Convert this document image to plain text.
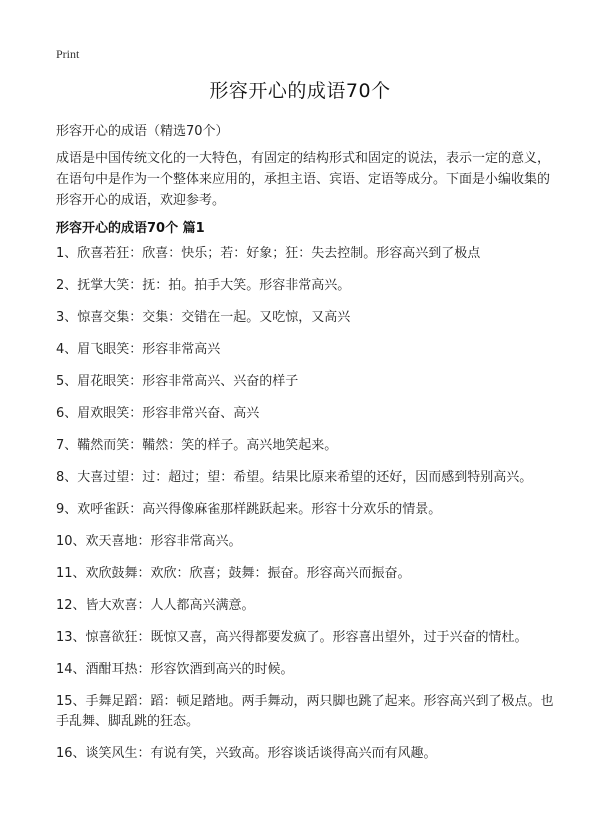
Print
形容开心的成语70个
形容开心的成语（精选70个）

成语是中国传统文化的一大特色，有固定的结构形式和固定的说法，表示一定的意义，在语句中是作为一个整体来应用的，承担主语、宾语、定语等成分。下面是小编收集的形容开心的成语，欢迎参考。

形容开心的成语70个 篇1
1、欣喜若狂：欣喜：快乐；若：好象；狂：失去控制。形容高兴到了极点
2、抚掌大笑：抚：拍。拍手大笑。形容非常高兴。
3、惊喜交集：交集：交错在一起。又吃惊，又高兴
4、眉飞眼笑：形容非常高兴
5、眉花眼笑：形容非常高兴、兴奋的样子
6、眉欢眼笑：形容非常兴奋、高兴
7、鞴然而笑：鞴然：笑的样子。高兴地笑起来。
8、大喜过望：过：超过；望：希望。结果比原来希望的还好，因而感到特别高兴。
9、欢呼雀跃：高兴得像麻雀那样跳跃起来。形容十分欢乐的情景。
10、欢天喜地：形容非常高兴。
11、欢欣鼓舞：欢欣：欣喜；鼓舞：振奋。形容高兴而振奋。
12、皆大欢喜：人人都高兴满意。
13、惊喜欲狂：既惊又喜，高兴得都要发疯了。形容喜出望外，过于兴奋的情杜。
14、酒酣耳热：形容饮酒到高兴的时候。
15、手舞足蹈：蹈：顿足踏地。两手舞动，两只脚也跳了起来。形容高兴到了极点。也手乱舞、脚乱跳的狂态。
16、谈笑风生：有说有笑，兴致高。形容谈话谈得高兴而有风趣。
